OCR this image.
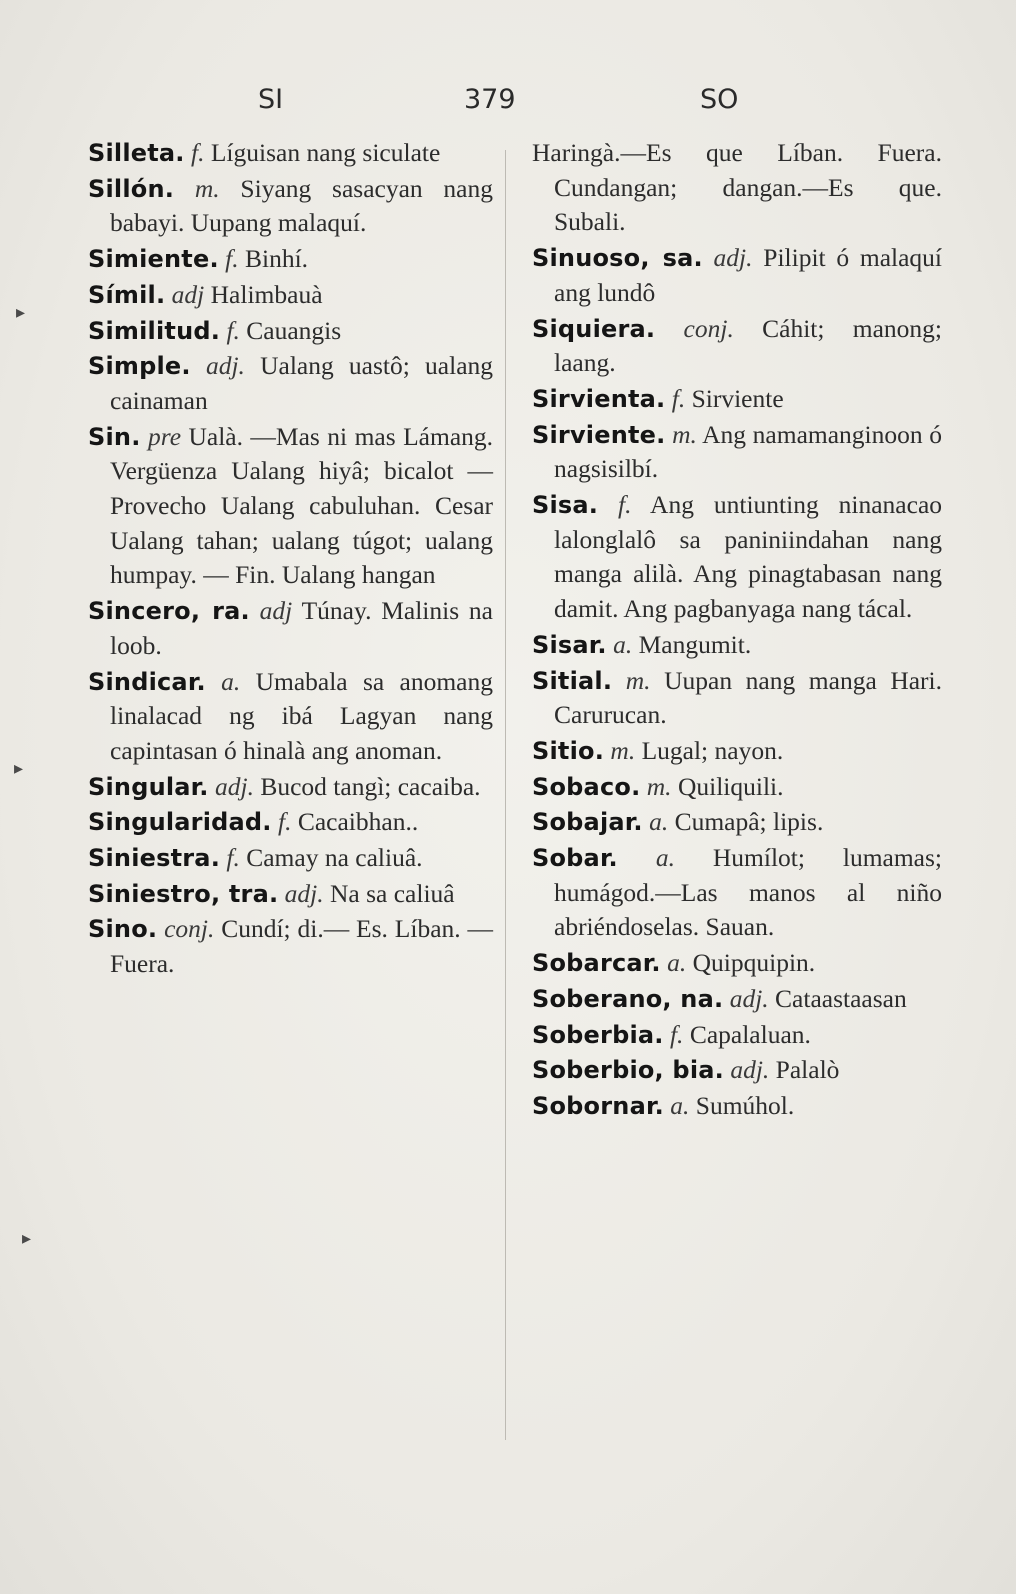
SI	379	SO

Silleta. f. Líguisan nang siculate

Sillón. m. Siyang sasacyan nang babayi. Uupang malaquí.

Simiente. f. Binhí.

Símil. adj Halimbauà

Similitud. f. Cauangis

Simple. adj. Ualang uastô; ualang cainaman

Sin. pre Ualà. —Mas ni mas Lámang. Vergüenza Ualang hiyâ; bicalot —Provecho Ualang cabuluhan. Cesar Ualang tahan; ualang túgot; ualang humpay. — Fin. Ualang hangan

Sincero, ra. adj Túnay. Malinis na loob.

Sindicar. a. Umabala sa anomang linalacad ng ibá Lagyan nang capintasan ó hinalà ang anoman.

Singular. adj. Bucod tangì; cacaiba.

Singularidad. f. Cacaibhan..

Siniestra. f. Camay na caliuâ.

Siniestro, tra. adj. Na sa caliuâ

Sino. conj. Cundí; di.— Es. Líban. — Fuera.

Haringà.—Es que Líban. Fuera. Cundangan; dangan.—Es que. Subali.

Sinuoso, sa. adj. Pilipit ó malaquí ang lundô

Siquiera. conj. Cáhit; manong; laang.

Sirvienta. f. Sirviente

Sirviente. m. Ang namamanginoon ó nagsisilbí.

Sisa. f. Ang untiunting ninanacao lalonglalô sa paniniindahan nang manga alilà. Ang pinagtabasan nang damit. Ang pagbanyaga nang tácal.

Sisar. a. Mangumit.

Sitial. m. Uupan nang manga Hari. Carurucan.

Sitio. m. Lugal; nayon.

Sobaco. m. Quiliquili.

Sobajar. a. Cumapâ; lipis.

Sobar. a. Humílot; lumamas; humágod.—Las manos al niño abriéndoselas. Sauan.

Sobarcar. a. Quipquipin.

Soberano, na. adj. Cataastaasan

Soberbia. f. Capalaluan.

Soberbio, bia. adj. Palalò

Sobornar. a. Sumúhol.

▸
▸
▸
